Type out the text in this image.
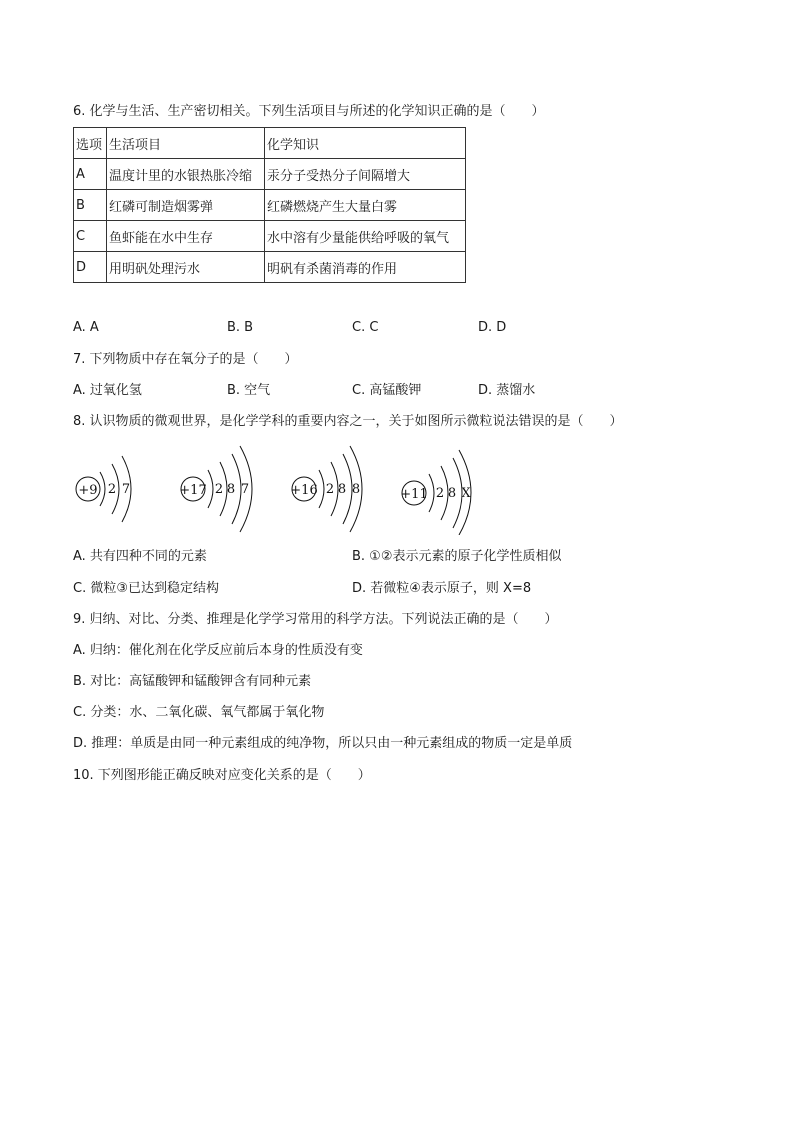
6. 化学与生活、生产密切相关。下列生活项目与所述的化学知识正确的是（　　）
选项	生活项目	化学知识
A	温度计里的水银热胀冷缩	汞分子受热分子间隔增大
B	红磷可制造烟雾弹	红磷燃烧产生大量白雾
C	鱼虾能在水中生存	水中溶有少量能供给呼吸的氧气
D	用明矾处理污水	明矾有杀菌消毒的作用
A. A	B. B	C. C	D. D
7. 下列物质中存在氧分子的是（　　）
A. 过氧化氢	B. 空气	C. 高锰酸钾	D. 蒸馏水
8. 认识物质的微观世界，是化学学科的重要内容之一，关于如图所示微粒说法错误的是（　　）
+9 2 7	+17 2 8 7	+16 2 8 8	+11 2 8 X
A. 共有四种不同的元素	B. ①②表示元素的原子化学性质相似
C. 微粒③已达到稳定结构	D. 若微粒④表示原子，则 X=8
9. 归纳、对比、分类、推理是化学学习常用的科学方法。下列说法正确的是（　　）
A. 归纳：催化剂在化学反应前后本身的性质没有变
B. 对比：高锰酸钾和锰酸钾含有同种元素
C. 分类：水、二氧化碳、氧气都属于氧化物
D. 推理：单质是由同一种元素组成的纯净物，所以只由一种元素组成的物质一定是单质
10. 下列图形能正确反映对应变化关系的是（　　）
